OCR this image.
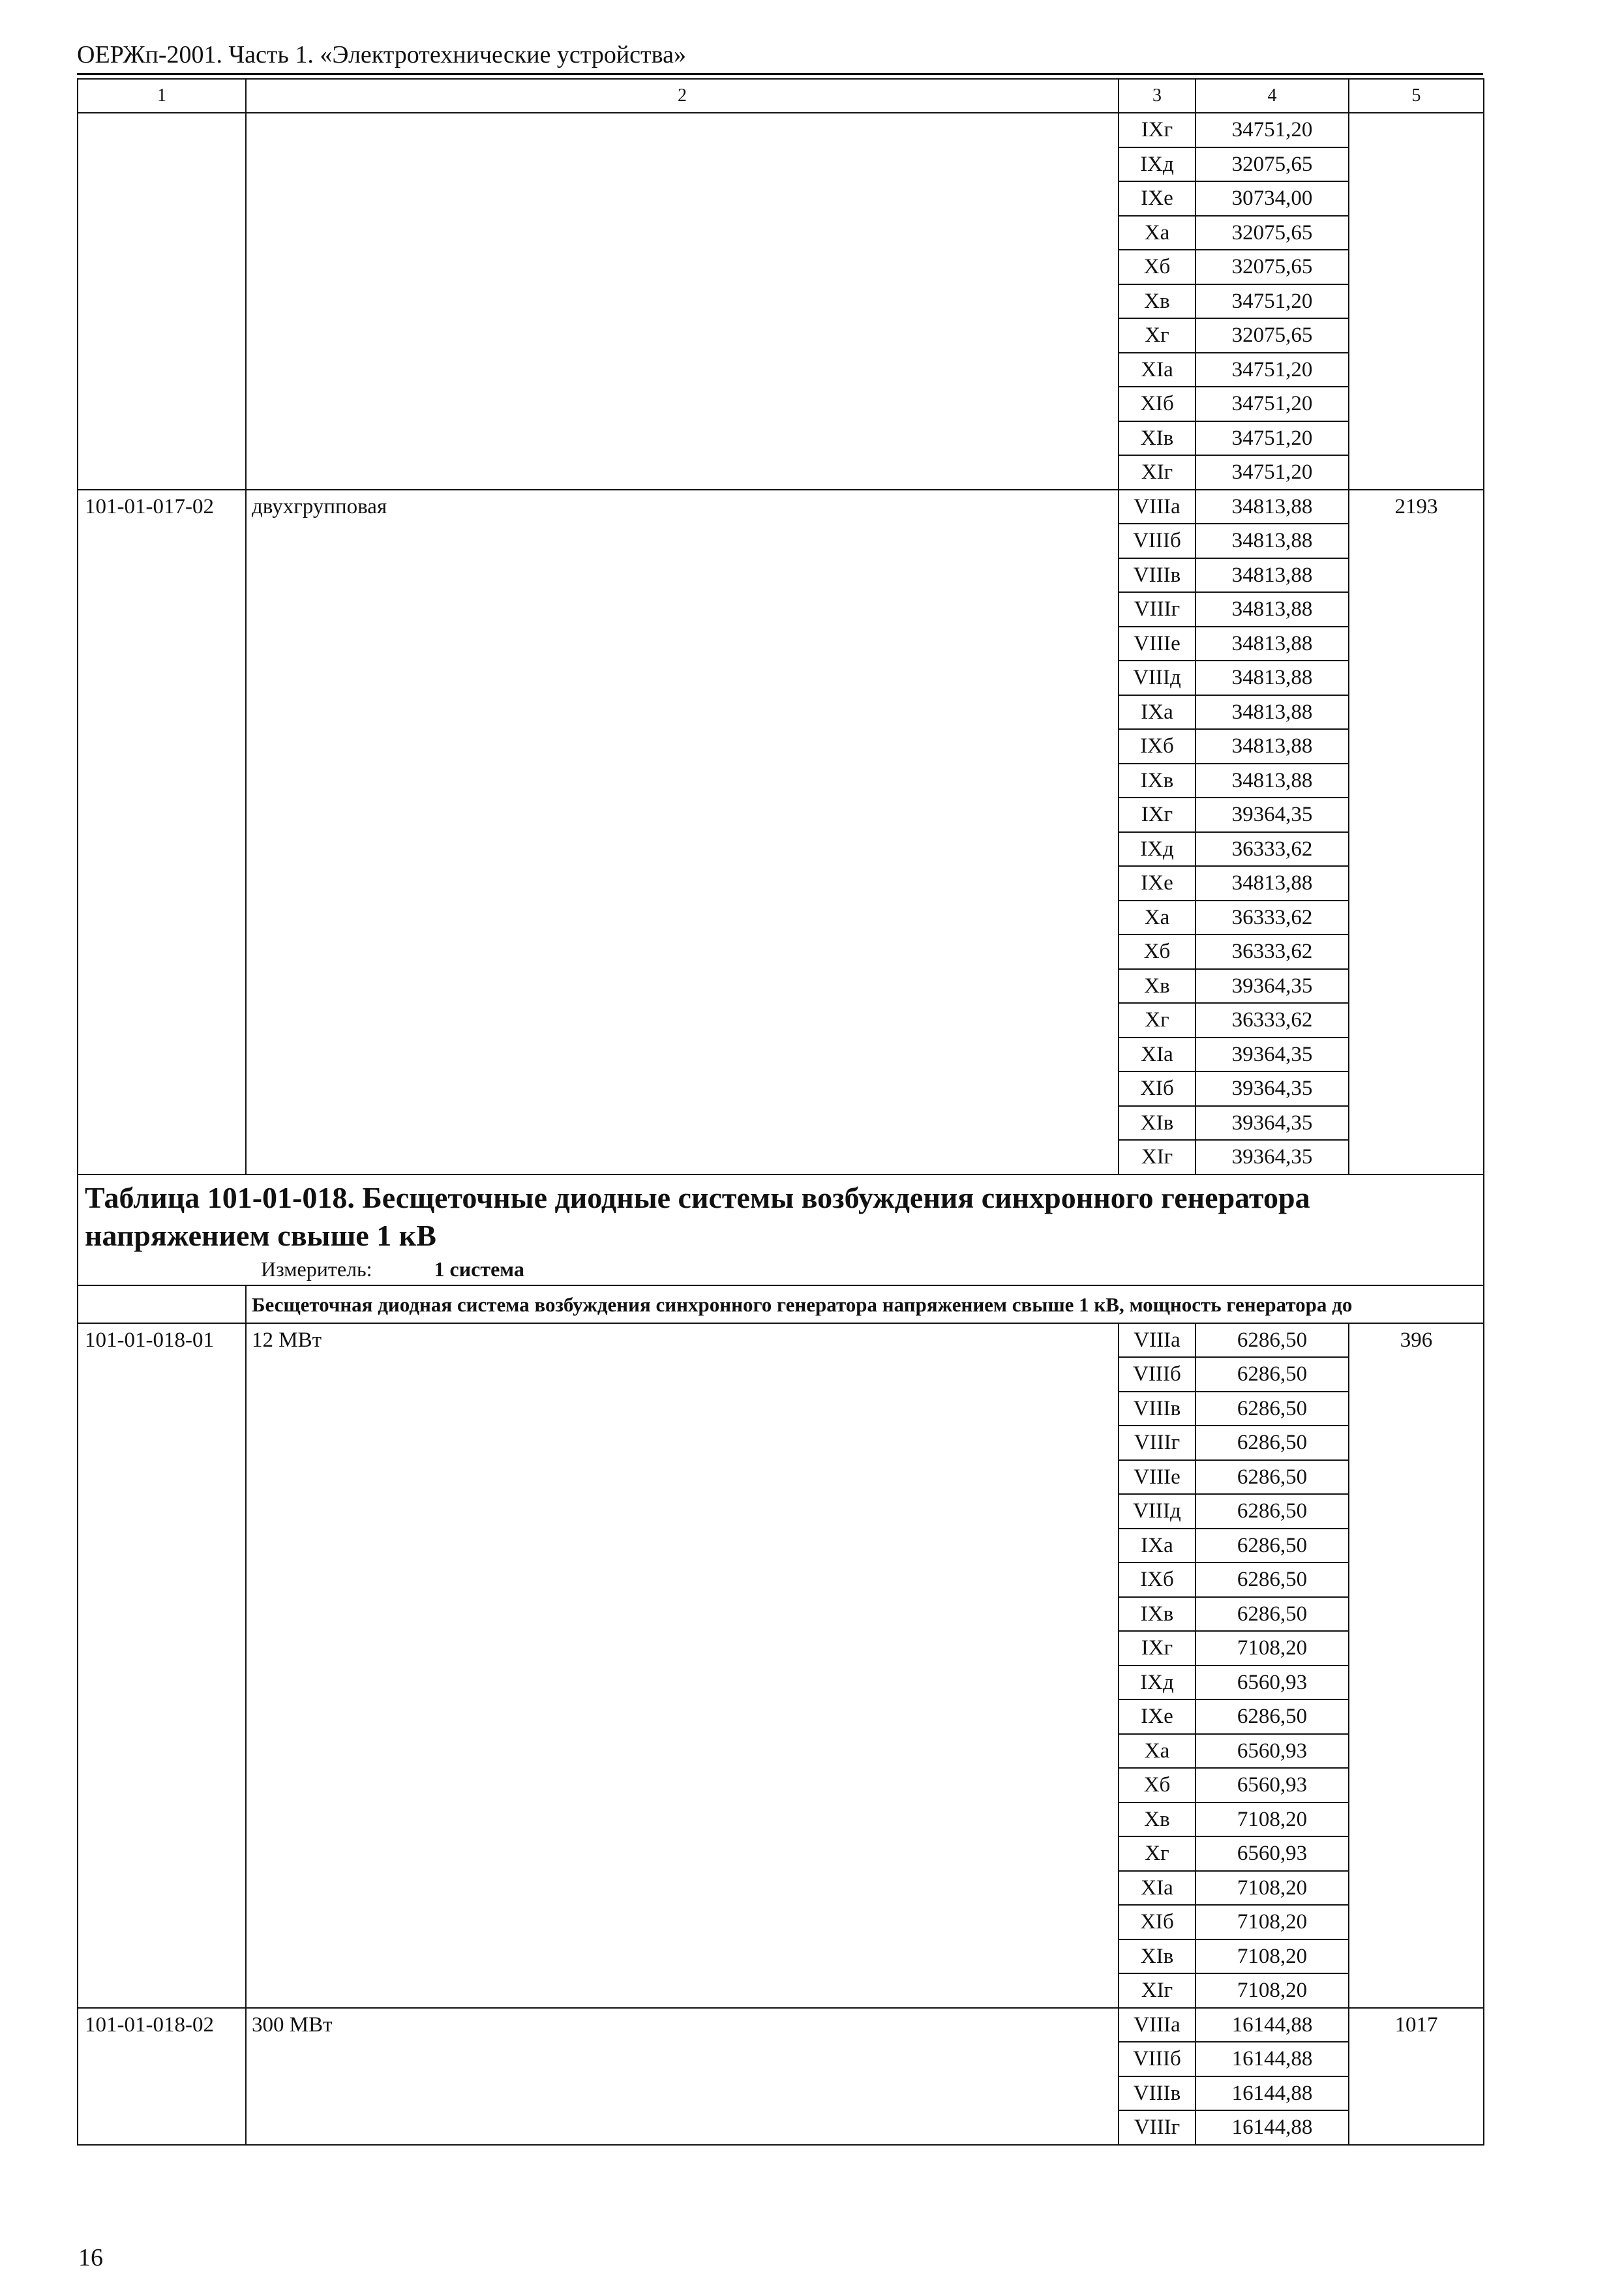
ОЕРЖп-2001. Часть 1. «Электротехнические устройства»
1	2	3	4	5
		IXг	34751,20	
		IXд	32075,65	
		IXе	30734,00	
		Xa	32075,65	
		Xб	32075,65	
		Xв	34751,20	
		Xг	32075,65	
		XIa	34751,20	
		XIб	34751,20	
		XIв	34751,20	
		XIг	34751,20	
101-01-017-02	двухгрупповая	VIIIa	34813,88	2193
		VIIIб	34813,88	
		VIIIв	34813,88	
		VIIIг	34813,88	
		VIIIе	34813,88	
		VIIIд	34813,88	
		IXa	34813,88	
		IXб	34813,88	
		IXв	34813,88	
		IXг	39364,35	
		IXд	36333,62	
		IXе	34813,88	
		Xa	36333,62	
		Xб	36333,62	
		Xв	39364,35	
		Xг	36333,62	
		XIa	39364,35	
		XIб	39364,35	
		XIв	39364,35	
		XIг	39364,35	

Таблица 101-01-018. Бесщеточные диодные системы возбуждения синхронного генератора напряжением свыше 1 кВ
Измеритель: 1 система				

	Бесщеточная диодная система возбуждения синхронного генератора напряжением свыше 1 кВ, мощность генератора до			
101-01-018-01	12 МВт	VIIIa	6286,50	396
		VIIIб	6286,50	
		VIIIв	6286,50	
		VIIIг	6286,50	
		VIIIе	6286,50	
		VIIIд	6286,50	
		IXa	6286,50	
		IXб	6286,50	
		IXв	6286,50	
		IXг	7108,20	
		IXд	6560,93	
		IXе	6286,50	
		Xa	6560,93	
		Xб	6560,93	
		Xв	7108,20	
		Xг	6560,93	
		XIa	7108,20	
		XIб	7108,20	
		XIв	7108,20	
		XIг	7108,20	
101-01-018-02	300 МВт	VIIIa	16144,88	1017
		VIIIб	16144,88	
		VIIIв	16144,88	
		VIIIг	16144,88	
16
